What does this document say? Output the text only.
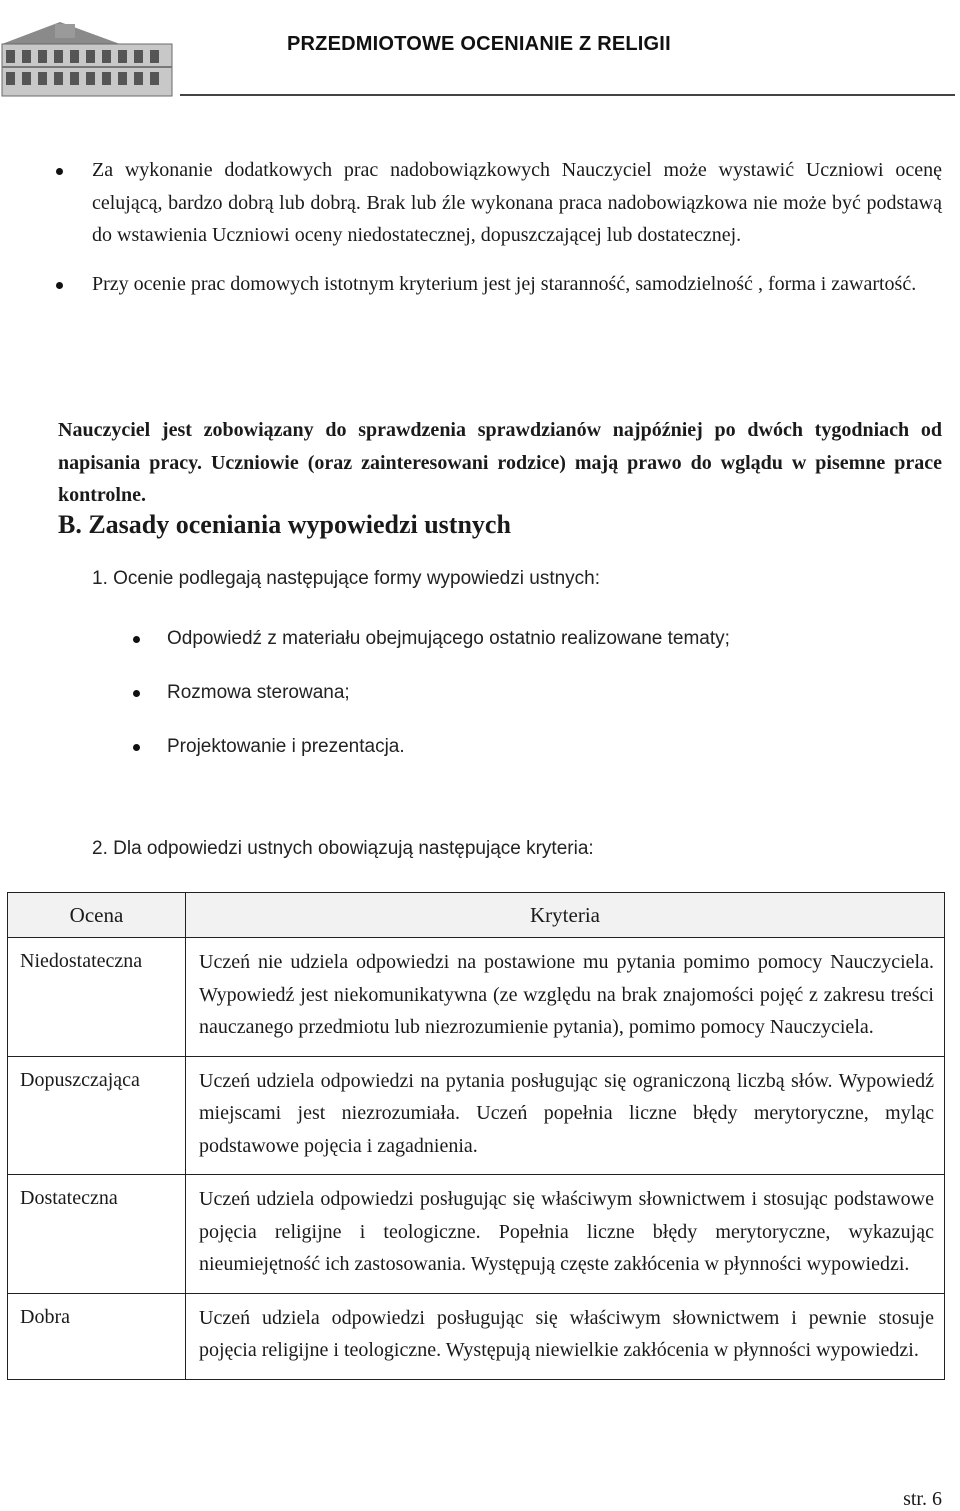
PRZEDMIOTOWE OCENIANIE Z RELIGII
Za wykonanie dodatkowych prac nadobowiązkowych Nauczyciel może wystawić Uczniowi ocenę celującą, bardzo dobrą lub dobrą. Brak lub źle wykonana praca nadobowiązkowa nie może być podstawą do wstawienia Uczniowi oceny niedostatecznej, dopuszczającej lub dostatecznej.
Przy ocenie prac domowych istotnym kryterium jest jej staranność, samodzielność , forma i zawartość.

Nauczyciel jest zobowiązany do sprawdzenia sprawdzianów najpóźniej po dwóch tygodniach od napisania pracy. Uczniowie (oraz zainteresowani rodzice) mają prawo do wglądu w pisemne prace kontrolne.

B. Zasady oceniania wypowiedzi ustnych
1. Ocenie podlegają następujące formy wypowiedzi ustnych:
Odpowiedź z materiału obejmującego ostatnio realizowane tematy;
Rozmowa sterowana;
Projektowanie i prezentacja.
2. Dla odpowiedzi ustnych obowiązują następujące kryteria:
Ocena	Kryteria
Niedostateczna	Uczeń nie udziela odpowiedzi na postawione mu pytania pomimo pomocy Nauczyciela. Wypowiedź jest niekomunikatywna (ze względu na brak znajomości pojęć z zakresu treści nauczanego przedmiotu lub niezrozumienie pytania), pomimo pomocy Nauczyciela.
Dopuszczająca	Uczeń udziela odpowiedzi na pytania posługując się ograniczoną liczbą słów. Wypowiedź miejscami jest niezrozumiała. Uczeń popełnia liczne błędy merytoryczne, myląc podstawowe pojęcia i zagadnienia.
Dostateczna	Uczeń udziela odpowiedzi posługując się właściwym słownictwem i stosując podstawowe pojęcia religijne i teologiczne. Popełnia liczne błędy merytoryczne, wykazując nieumiejętność ich zastosowania. Występują częste zakłócenia w płynności wypowiedzi.
Dobra	Uczeń udziela odpowiedzi posługując się właściwym słownictwem i pewnie stosuje pojęcia religijne i teologiczne. Występują niewielkie zakłócenia w płynności wypowiedzi.
str. 6
